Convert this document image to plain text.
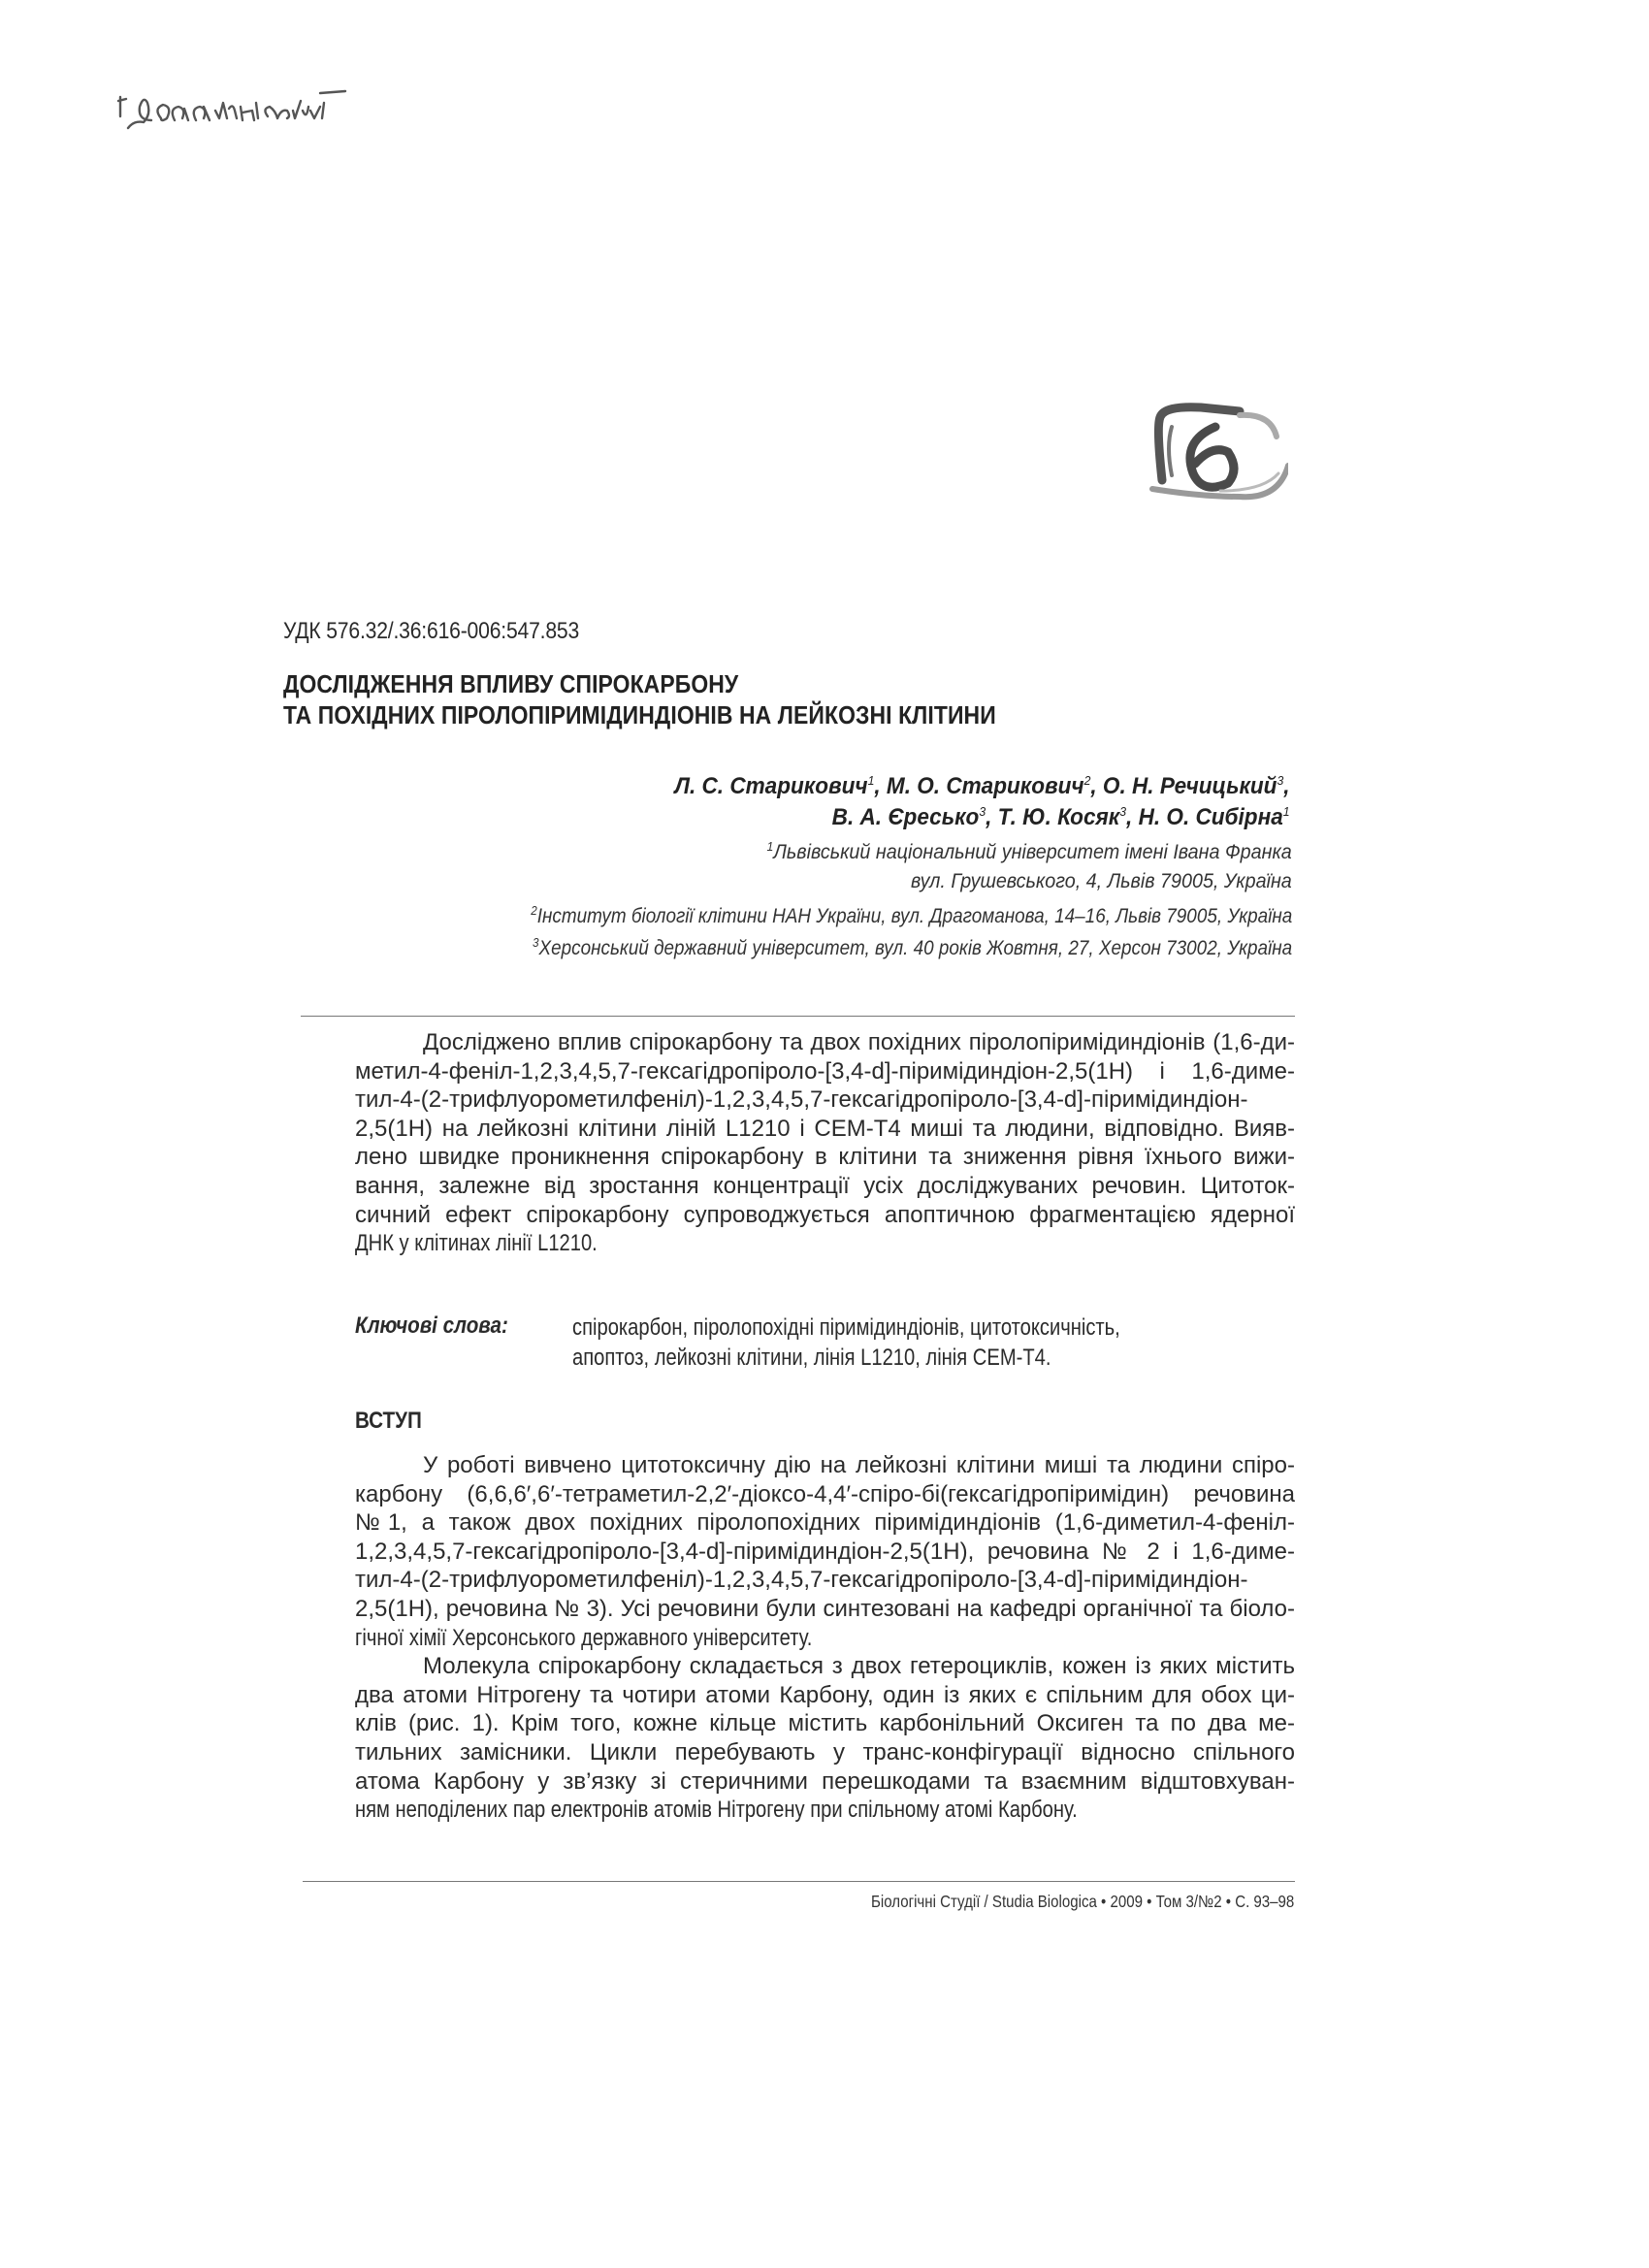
УДК 576.32/.36:616-006:547.853
ДОСЛІДЖЕННЯ ВПЛИВУ СПІРОКАРБОНУ
ТА ПОХІДНИХ ПІРОЛОПІРИМІДИНДІОНІВ НА ЛЕЙКОЗНІ КЛІТИНИ
Л. С. Старикович$^1$, М. О. Старикович$^2$, О. Н. Речицький$^3$,
В. А. Єресько$^3$, Т. Ю. Косяк$^3$, Н. О. Сибірна$^1$
$^1$Львівський національний університет імені Івана Франка
вул. Грушевського, 4, Львів 79005, Україна
$^2$Інститут біології клітини НАН України, вул. Драгоманова, 14–16, Львів 79005, Україна
$^3$Херсонський державний університет, вул. 40 років Жовтня, 27, Херсон 73002, Україна
Досліджено вплив спірокарбону та двох похідних піролопіримідиндіонів (1,6-ди-
метил-4-феніл-1,2,3,4,5,7-гексагідропіроло-[3,4-d]-піримідиндіон-2,5(1Н) і 1,6-диме-
тил-4-(2-трифлуорометилфеніл)-1,2,3,4,5,7-гексагідропіроло-[3,4-d]-піримідиндіон-
2,5(1Н) на лейкозні клітини ліній L1210 і CEM-T4 миші та людини, відповідно. Вияв-
лено швидке проникнення спірокарбону в клітини та зниження рівня їхнього вижи-
вання, залежне від зростання концентрації усіх досліджуваних речовин. Цитоток-
сичний ефект спірокарбону супроводжується апоптичною фрагментацією ядерної
ДНК у клітинах лінії L1210.
Ключові слова:	спірокарбон, піролопохідні піримідиндіонів, цитотоксичність, апоптоз, лейкозні клітини, лінія L1210, лінія CEM-T4.
ВСТУП
У роботі вивчено цитотоксичну дію на лейкозні клітини миші та людини спіро-
карбону (6,6,6′,6′-тетраметил-2,2′-діоксо-4,4′-спіро-бі(гексагідропіримідин) речовина
№1, а також двох похідних піролопохідних піримідиндіонів (1,6-диметил-4-феніл-
1,2,3,4,5,7-гексагідропіроло-[3,4-d]-піримідиндіон-2,5(1Н), речовина № 2 і 1,6-диме-
тил-4-(2-трифлуорометилфеніл)-1,2,3,4,5,7-гексагідропіроло-[3,4-d]-піримідиндіон-
2,5(1Н), речовина № 3). Усі речовини були синтезовані на кафедрі органічної та біоло-
гічної хімії Херсонського державного університету.
Молекула спірокарбону складається з двох гетероциклів, кожен із яких містить
два атоми Нітрогену та чотири атоми Карбону, один із яких є спільним для обох ци-
клів (рис. 1). Крім того, кожне кільце містить карбонільний Оксиген та по два ме-
тильних замісники. Цикли перебувають у транс-конфігурації відносно спільного
атома Карбону у зв’язку зі стеричними перешкодами та взаємним відштовхуван-
ням неподілених пар електронів атомів Нітрогену при спільному атомі Карбону.
Біологічні Студії / Studia Biologica • 2009 • Том 3/№2 • С. 93–98
